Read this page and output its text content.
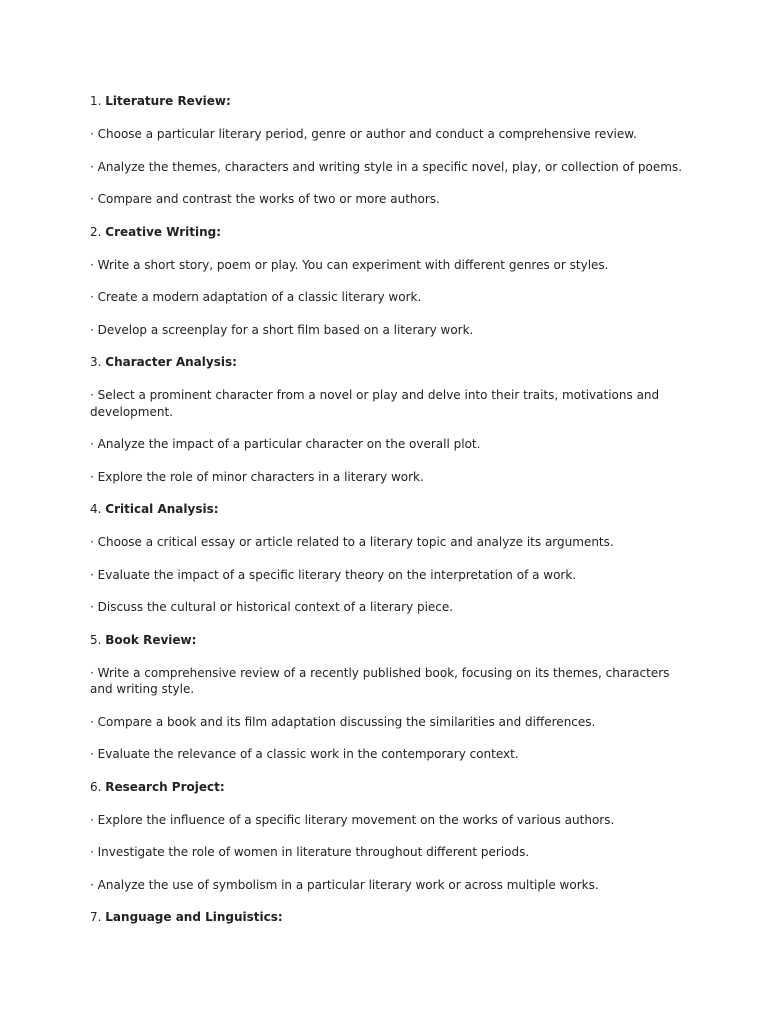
1. Literature Review:
· Choose a particular literary period, genre or author and conduct a comprehensive review.
· Analyze the themes, characters and writing style in a specific novel, play, or collection of poems.
· Compare and contrast the works of two or more authors.
2. Creative Writing:
· Write a short story, poem or play. You can experiment with different genres or styles.
· Create a modern adaptation of a classic literary work.
· Develop a screenplay for a short film based on a literary work.
3. Character Analysis:
· Select a prominent character from a novel or play and delve into their traits, motivations and development.
· Analyze the impact of a particular character on the overall plot.
· Explore the role of minor characters in a literary work.
4. Critical Analysis:
· Choose a critical essay or article related to a literary topic and analyze its arguments.
· Evaluate the impact of a specific literary theory on the interpretation of a work.
· Discuss the cultural or historical context of a literary piece.
5. Book Review:
· Write a comprehensive review of a recently published book, focusing on its themes, characters and writing style.
· Compare a book and its film adaptation discussing the similarities and differences.
· Evaluate the relevance of a classic work in the contemporary context.
6. Research Project:
· Explore the influence of a specific literary movement on the works of various authors.
· Investigate the role of women in literature throughout different periods.
· Analyze the use of symbolism in a particular literary work or across multiple works.
7. Language and Linguistics:
